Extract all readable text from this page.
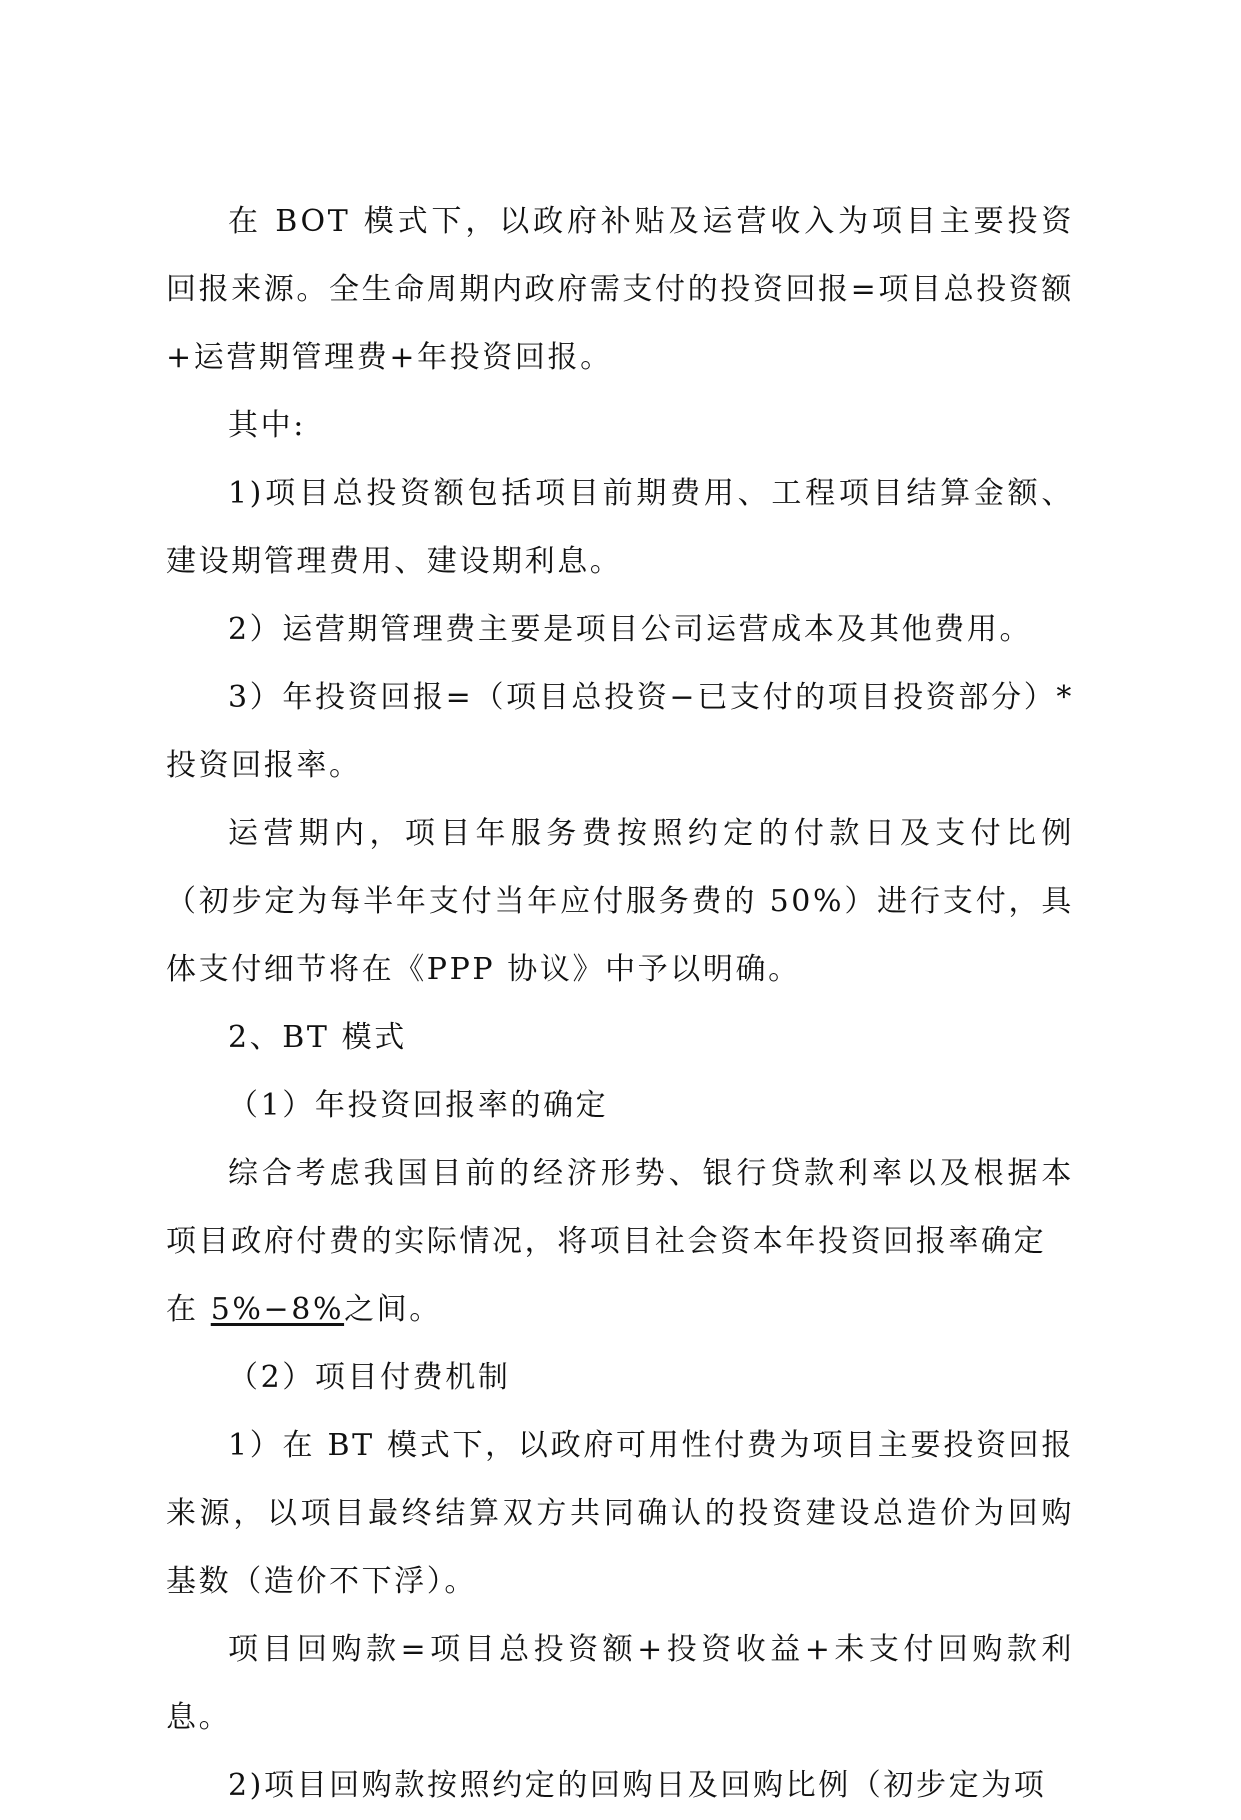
在 BOT 模式下，以政府补贴及运营收入为项目主要投资回报来源。全生命周期内政府需支付的投资回报=项目总投资额+运营期管理费+年投资回报。

其中:

1)项目总投资额包括项目前期费用、工程项目结算金额、建设期管理费用、建设期利息。

2）运营期管理费主要是项目公司运营成本及其他费用。

3）年投资回报=（项目总投资−已支付的项目投资部分）*投资回报率。

运营期内，项目年服务费按照约定的付款日及支付比例（初步定为每半年支付当年应付服务费的 50%）进行支付，具体支付细节将在《PPP 协议》中予以明确。

2、BT 模式

（1）年投资回报率的确定

综合考虑我国目前的经济形势、银行贷款利率以及根据本项目政府付费的实际情况，将项目社会资本年投资回报率确定

在 5%−8%之间。

（2）项目付费机制

1）在 BT 模式下，以政府可用性付费为项目主要投资回报来源，以项目最终结算双方共同确认的投资建设总造价为回购基数（造价不下浮）。

项目回购款=项目总投资额+投资收益+未支付回购款利息。

2)项目回购款按照约定的回购日及回购比例（初步定为项
